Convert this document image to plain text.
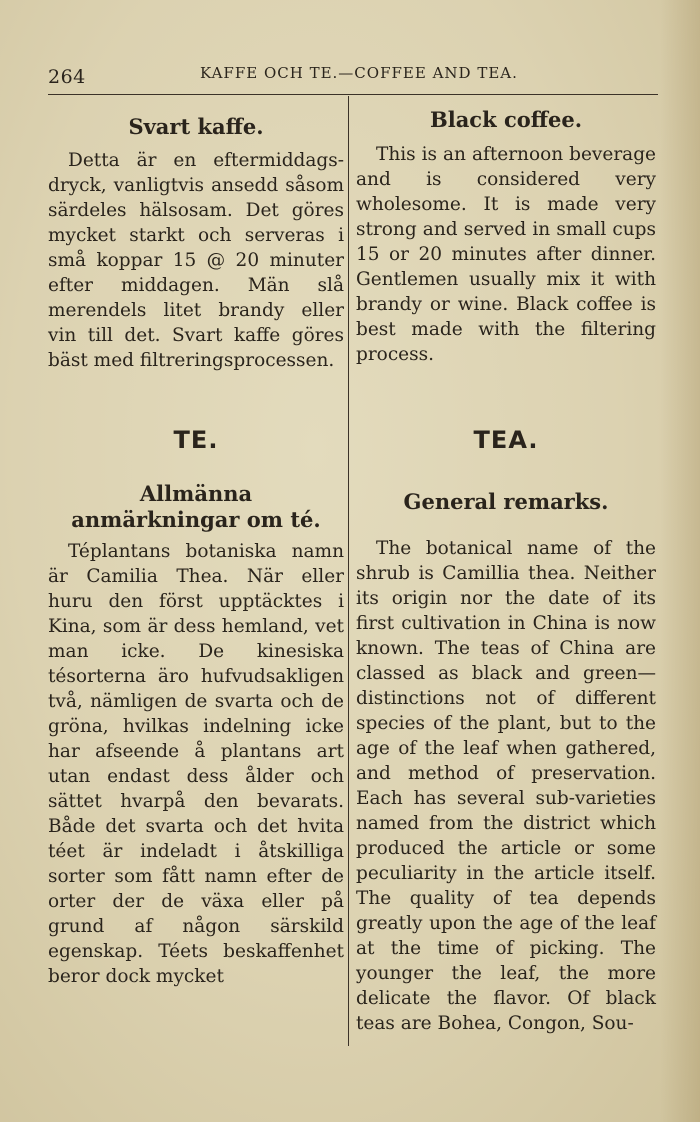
264	KAFFE OCH TE.—COFFEE AND TEA.
Svart kaffe.

Detta är en eftermiddags-dryck, vanligtvis ansedd såsom särdeles hälsosam. Det göres mycket starkt och serveras i små koppar 15 @ 20 minuter efter middagen. Män slå merendels litet brandy eller vin till det. Svart kaffe göres bäst med filtreringsprocessen.

TE.
Allmänna anmärkningar om té.

Téplantans botaniska namn är Camilia Thea. När eller huru den först upptäcktes i Kina, som är dess hemland, vet man icke. De kinesiska tésorterna äro hufvudsakligen två, nämligen de svarta och de gröna, hvilkas indelning icke har afseende å plantans art utan endast dess ålder och sättet hvarpå den bevarats. Både det svarta och det hvita téet är indeladt i åtskilliga sorter som fått namn efter de orter der de växa eller på grund af någon särskild egenskap. Téets beskaffenhet beror dock mycket

Black coffee.

This is an afternoon beverage and is considered very wholesome. It is made very strong and served in small cups 15 or 20 minutes after dinner. Gentlemen usually mix it with brandy or wine. Black coffee is best made with the filtering process.

TEA.
General remarks.

The botanical name of the shrub is Camillia thea. Neither its origin nor the date of its first cultivation in China is now known. The teas of China are classed as black and green—distinctions not of different species of the plant, but to the age of the leaf when gathered, and method of preservation. Each has several sub-varieties named from the district which produced the article or some peculiarity in the article itself. The quality of tea depends greatly upon the age of the leaf at the time of picking. The younger the leaf, the more delicate the flavor. Of black teas are Bohea, Congon, Sou-
